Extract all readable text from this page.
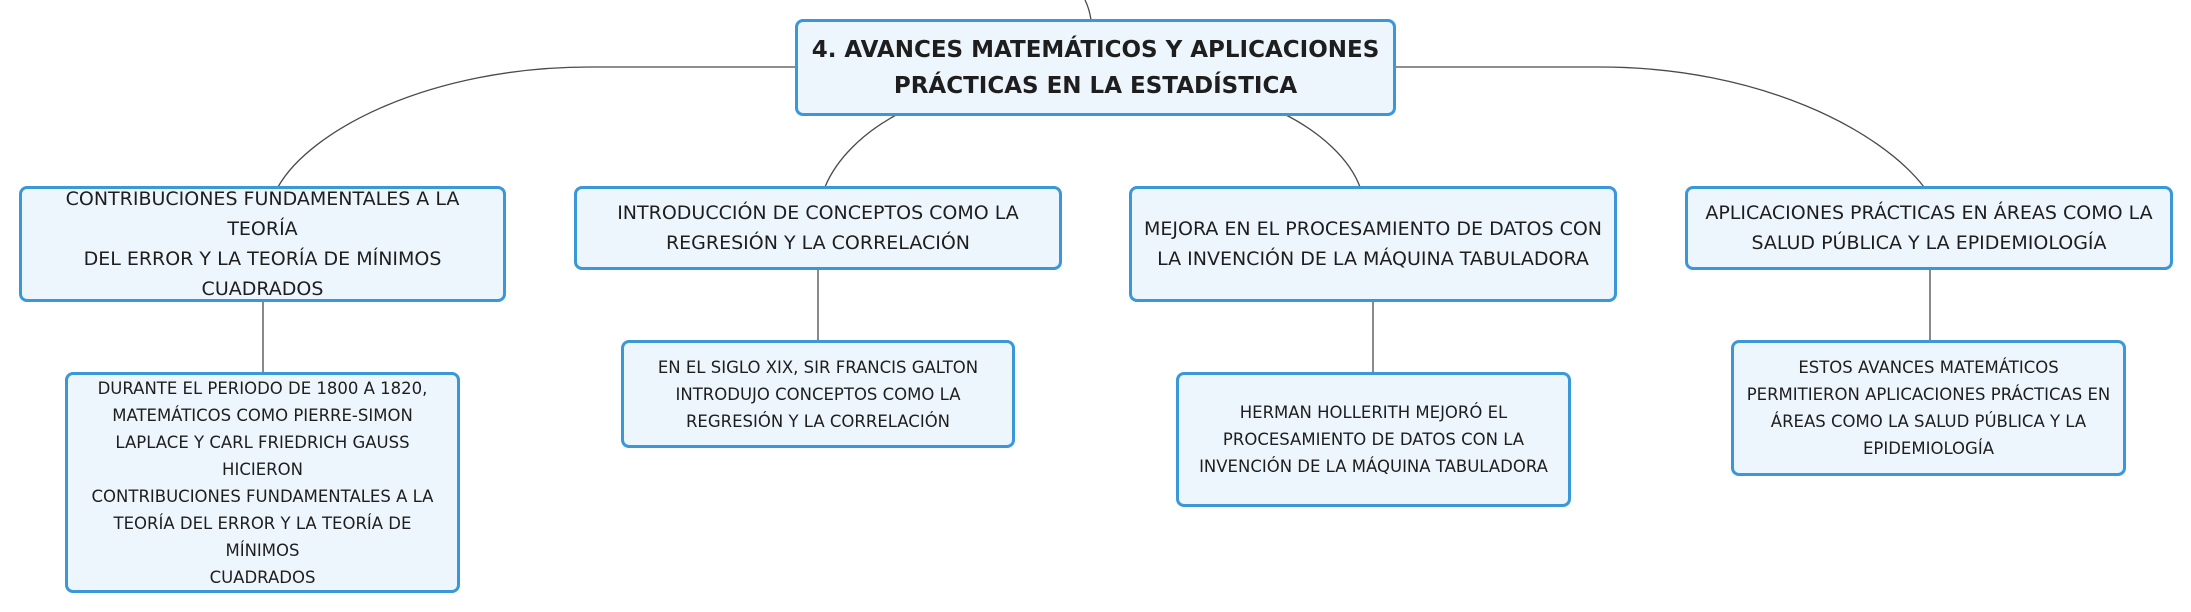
4. AVANCES MATEMÁTICOS Y APLICACIONES
PRÁCTICAS EN LA ESTADÍSTICA
CONTRIBUCIONES FUNDAMENTALES A LA TEORÍA
DEL ERROR Y LA TEORÍA DE MÍNIMOS CUADRADOS
INTRODUCCIÓN DE CONCEPTOS COMO LA
REGRESIÓN Y LA CORRELACIÓN
MEJORA EN EL PROCESAMIENTO DE DATOS CON
LA INVENCIÓN DE LA MÁQUINA TABULADORA
APLICACIONES PRÁCTICAS EN ÁREAS COMO LA
SALUD PÚBLICA Y LA EPIDEMIOLOGÍA
DURANTE EL PERIODO DE 1800 A 1820,
MATEMÁTICOS COMO PIERRE-SIMON
LAPLACE Y CARL FRIEDRICH GAUSS HICIERON
CONTRIBUCIONES FUNDAMENTALES A LA
TEORÍA DEL ERROR Y LA TEORÍA DE MÍNIMOS
CUADRADOS
EN EL SIGLO XIX, SIR FRANCIS GALTON
INTRODUJO CONCEPTOS COMO LA
REGRESIÓN Y LA CORRELACIÓN	HERMAN HOLLERITH MEJORÓ EL
PROCESAMIENTO DE DATOS CON LA
INVENCIÓN DE LA MÁQUINA TABULADORA
ESTOS AVANCES MATEMÁTICOS
PERMITIERON APLICACIONES PRÁCTICAS EN
ÁREAS COMO LA SALUD PÚBLICA Y LA
EPIDEMIOLOGÍA
